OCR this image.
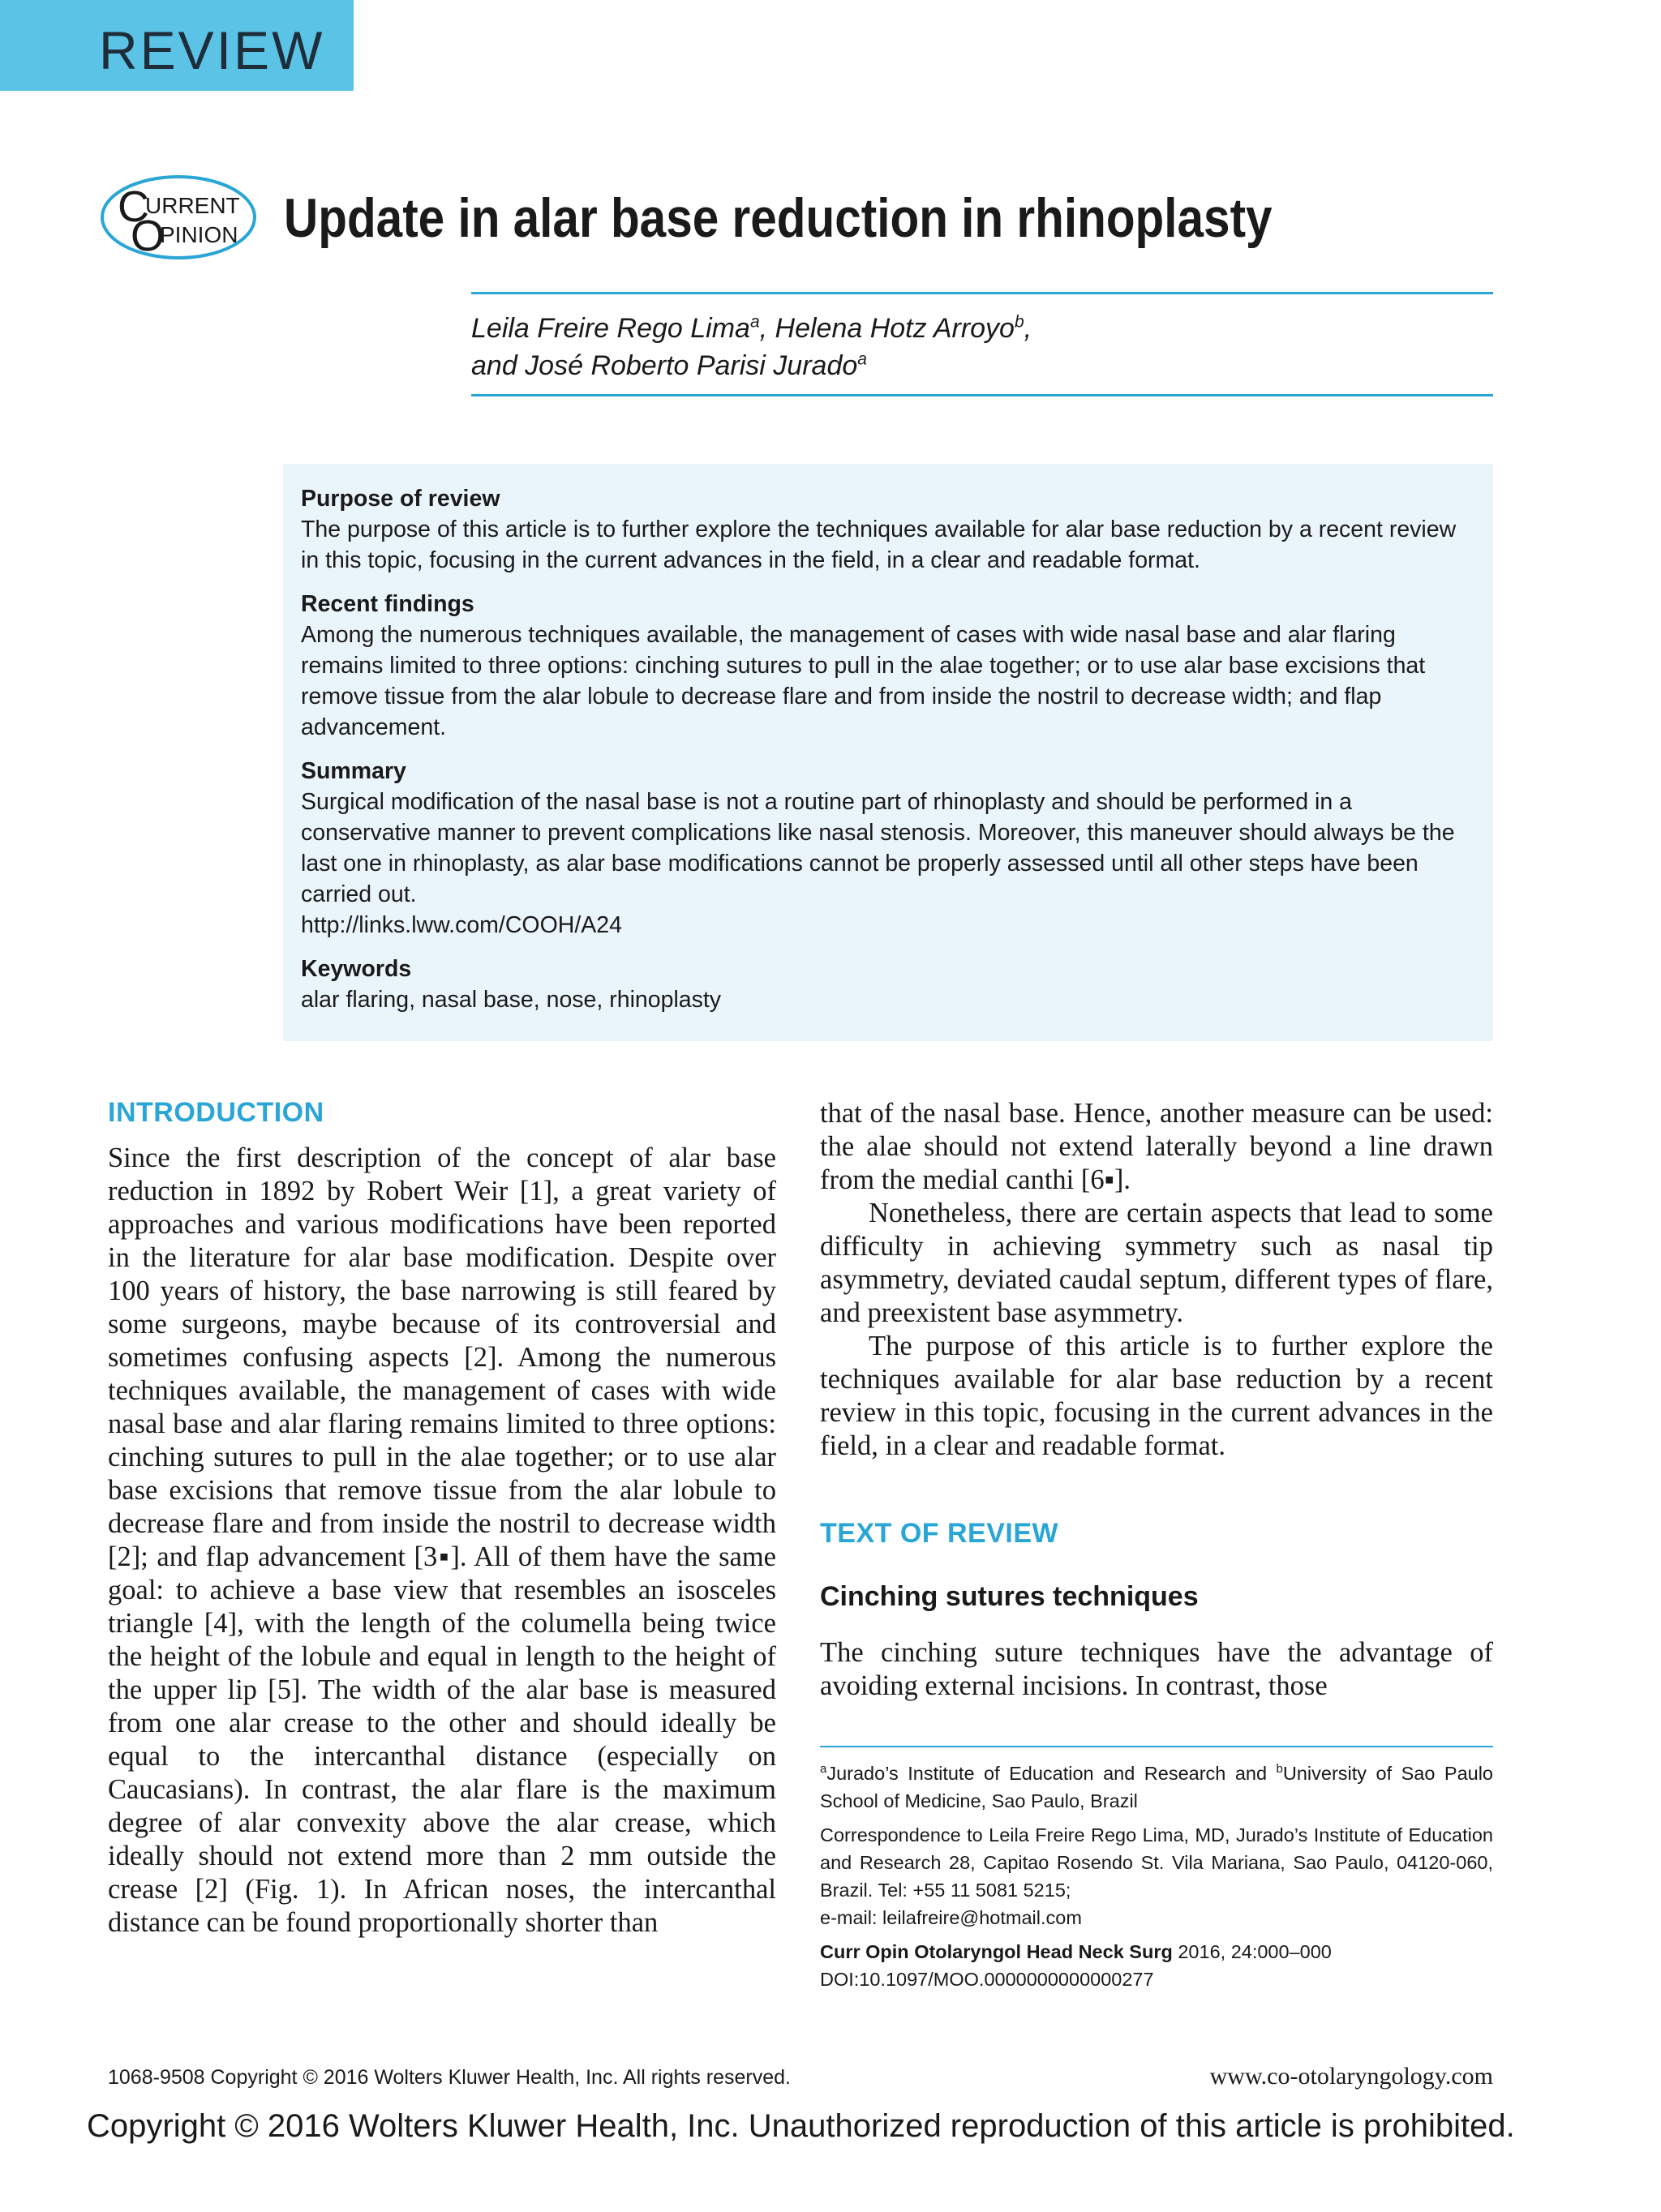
REVIEW
C
URRENT
O
PINION Update in alar base reduction in rhinoplasty
Leila Freire Rego Lima$^a$, Helena Hotz Arroyo$^b$,
and José Roberto Parisi Jurado$^a$
Purpose of review

The purpose of this article is to further explore the techniques available for alar base reduction by a recent review in this topic, focusing in the current advances in the field, in a clear and readable format.

Recent findings

Among the numerous techniques available, the management of cases with wide nasal base and alar flaring remains limited to three options: cinching sutures to pull in the alae together; or to use alar base excisions that remove tissue from the alar lobule to decrease flare and from inside the nostril to decrease width; and flap advancement.

Summary

Surgical modification of the nasal base is not a routine part of rhinoplasty and should be performed in a conservative manner to prevent complications like nasal stenosis. Moreover, this maneuver should always be the last one in rhinoplasty, as alar base modifications cannot be properly assessed until all other steps have been carried out.
http://links.lww.com/COOH/A24

Keywords

alar flaring, nasal base, nose, rhinoplasty

INTRODUCTION

Since the first description of the concept of alar base reduction in 1892 by Robert Weir [1], a great variety of approaches and various modifications have been reported in the literature for alar base modification. Despite over 100 years of history, the base narrowing is still feared by some surgeons, maybe because of its controversial and sometimes confusing aspects [2]. Among the numerous techniques available, the management of cases with wide nasal base and alar flaring remains limited to three options: cinching sutures to pull in the alae together; or to use alar base excisions that remove tissue from the alar lobule to decrease flare and from inside the nostril to decrease width [2]; and flap advancement [3▪]. All of them have the same goal: to achieve a base view that resembles an isosceles triangle [4], with the length of the columella being twice the height of the lobule and equal in length to the height of the upper lip [5]. The width of the alar base is measured from one alar crease to the other and should ideally be equal to the intercanthal distance (especially on Caucasians). In contrast, the alar flare is the maximum degree of alar convexity above the alar crease, which ideally should not extend more than 2 mm outside the crease [2] (Fig. 1). In African noses, the intercanthal distance can be found proportionally shorter than

that of the nasal base. Hence, another measure can be used: the alae should not extend laterally beyond a line drawn from the medial canthi [6▪].

Nonetheless, there are certain aspects that lead to some difficulty in achieving symmetry such as nasal tip asymmetry, deviated caudal septum, different types of flare, and preexistent base asymmetry.

The purpose of this article is to further explore the techniques available for alar base reduction by a recent review in this topic, focusing in the current advances in the field, in a clear and readable format.

TEXT OF REVIEW
Cinching sutures techniques

The cinching suture techniques have the advantage of avoiding external incisions. In contrast, those

$^a$Jurado’s Institute of Education and Research and $^b$University of Sao Paulo School of Medicine, Sao Paulo, Brazil

Correspondence to Leila Freire Rego Lima, MD, Jurado’s Institute of Education and Research 28, Capitao Rosendo St. Vila Mariana, Sao Paulo, 04120-060, Brazil. Tel: +55 11 5081 5215;
e-mail: leilafreire@hotmail.com

Curr Opin Otolaryngol Head Neck Surg 2016, 24:000–000
DOI:10.1097/MOO.0000000000000277

1068-9508 Copyright © 2016 Wolters Kluwer Health, Inc. All rights reserved.	www.co-otolaryngology.com
Copyright © 2016 Wolters Kluwer Health, Inc. Unauthorized reproduction of this article is prohibited.
